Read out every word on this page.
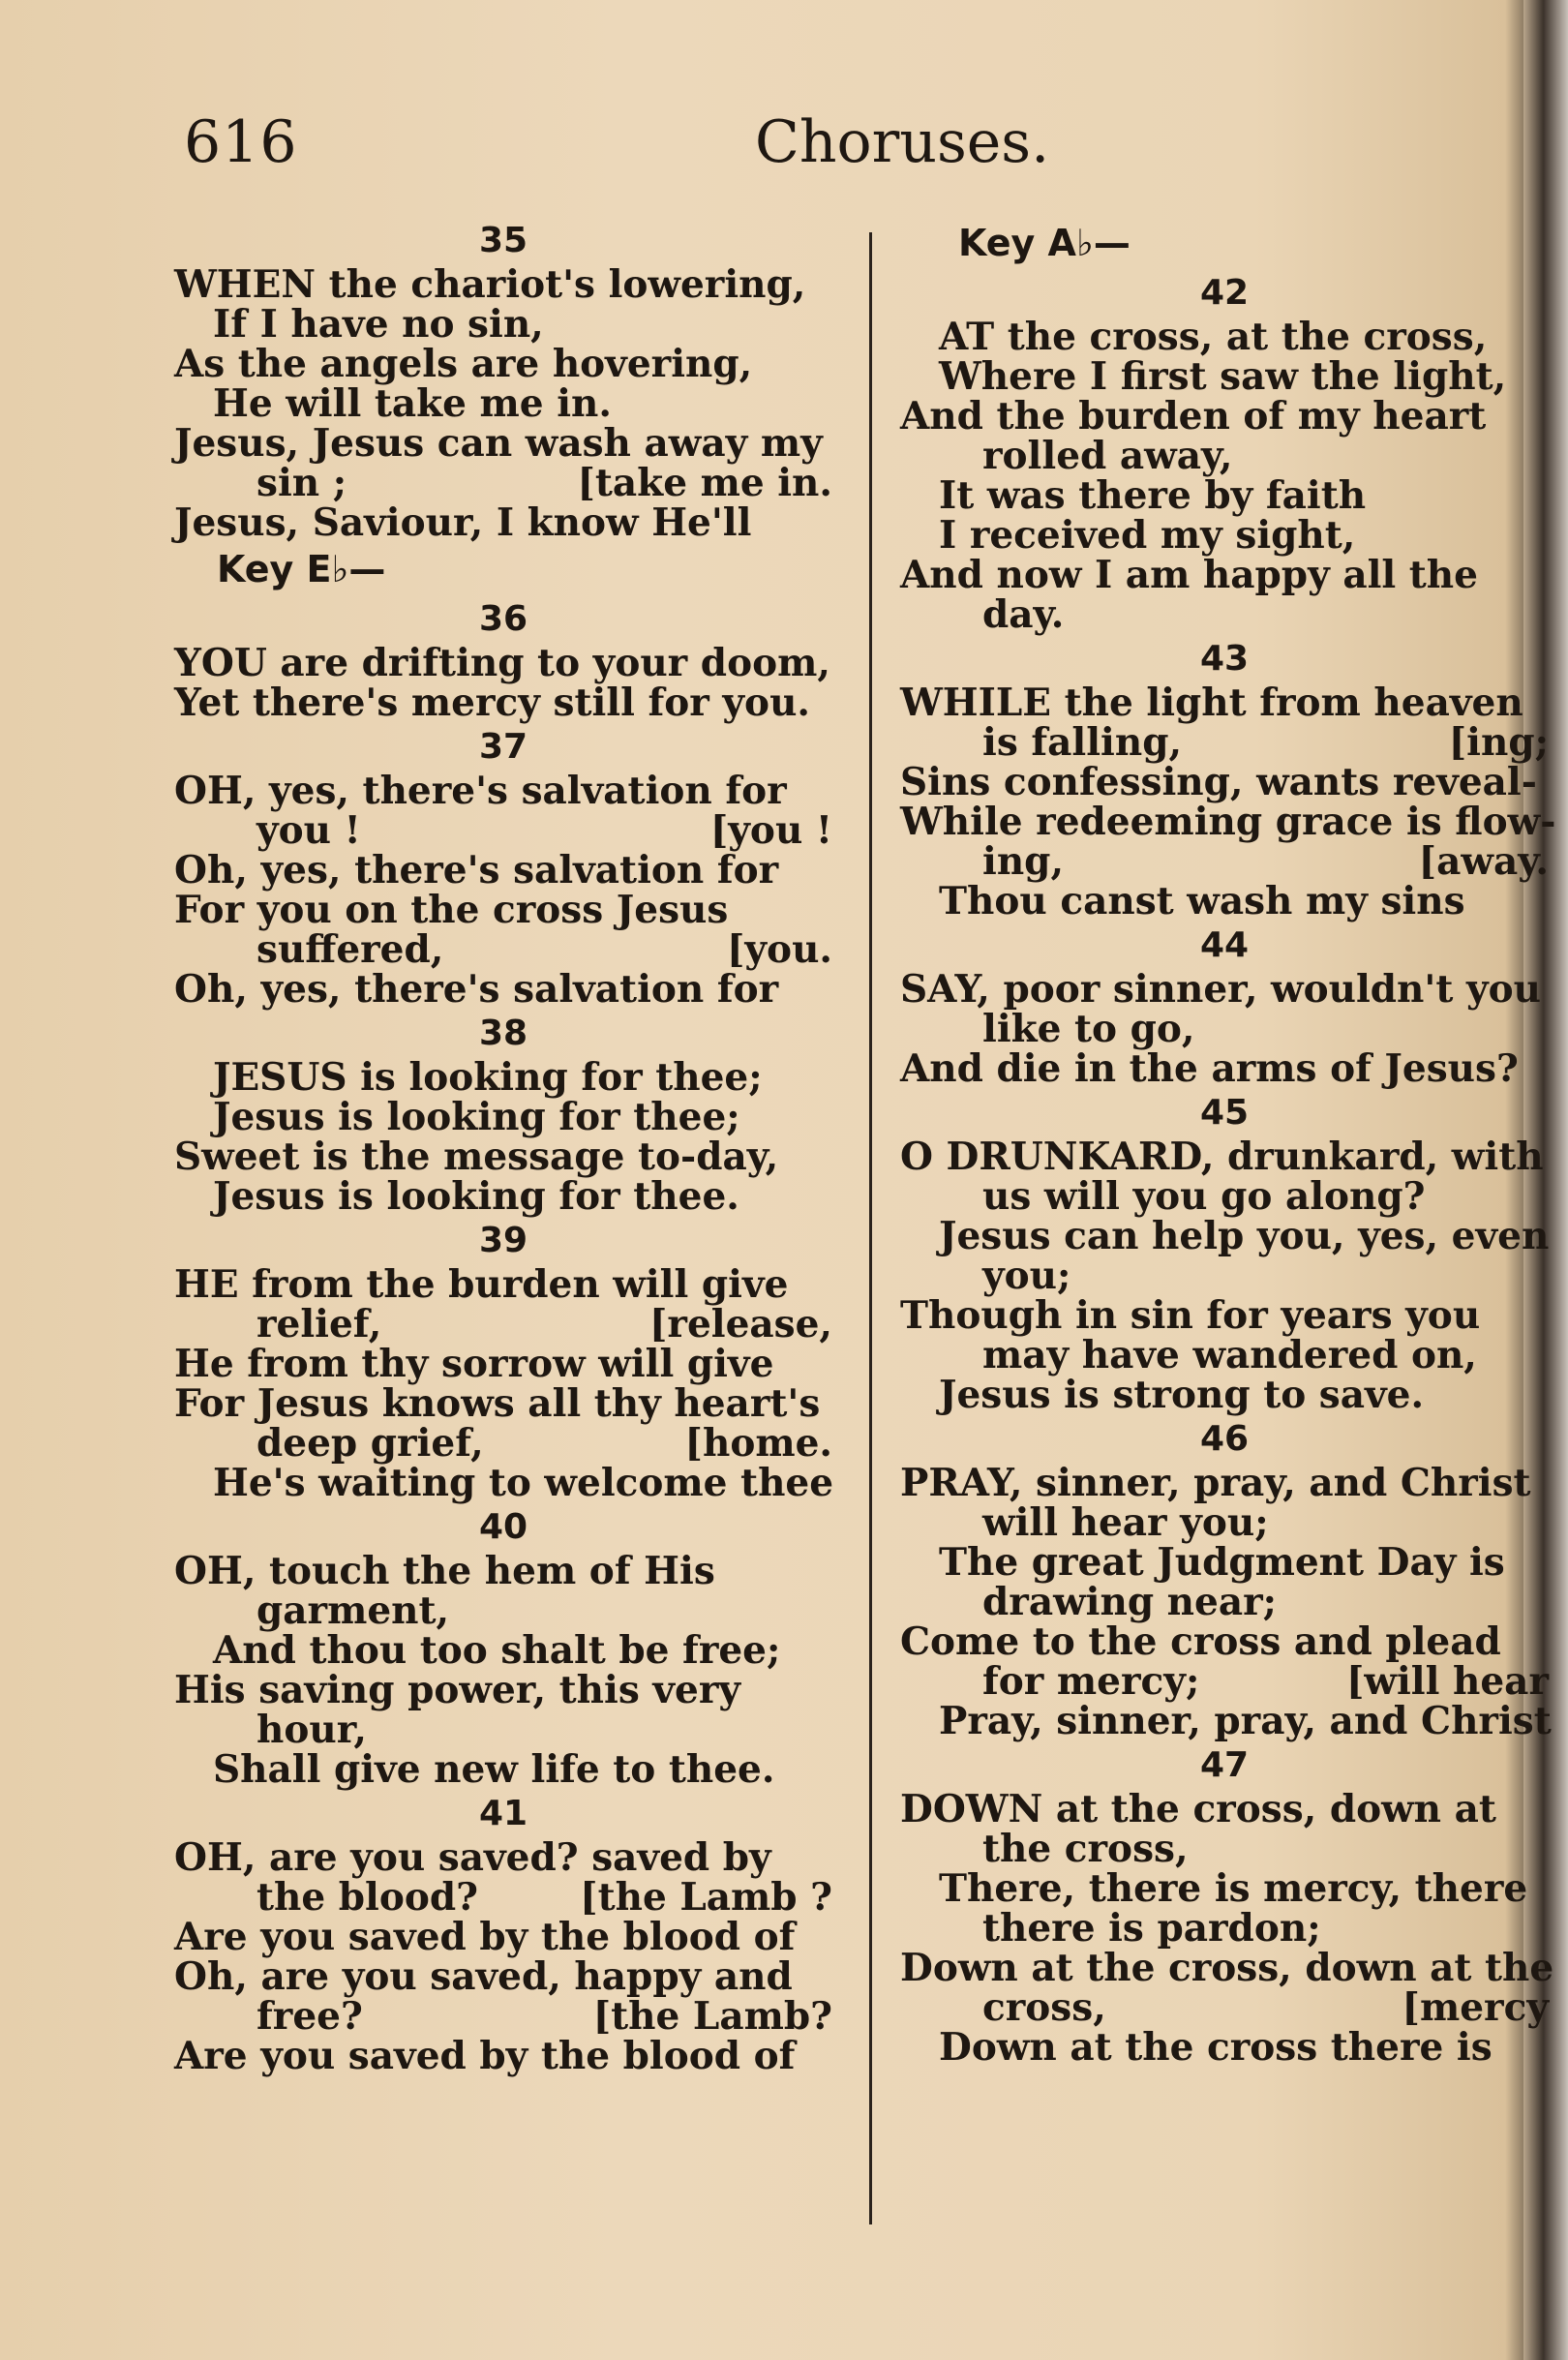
616	Choruses.
35
WHEN the chariot's lowering,
If I have no sin,
As the angels are hovering,
He will take me in.
Jesus, Jesus can wash away my
sin ;	[take me in.
Jesus, Saviour, I know He'll
Key E♭—
36
YOU are drifting to your doom,
Yet there's mercy still for you.
37
OH, yes, there's salvation for
you !	[you !
Oh, yes, there's salvation for
For you on the cross Jesus
suffered,	[you.
Oh, yes, there's salvation for
38
JESUS is looking for thee;
Jesus is looking for thee;
Sweet is the message to-day,
Jesus is looking for thee.
39
HE from the burden will give
relief,	[release,
He from thy sorrow will give
For Jesus knows all thy heart's
deep grief,	[home.
He's waiting to welcome thee
40
OH, touch the hem of His
garment,
And thou too shalt be free;
His saving power, this very
hour,
Shall give new life to thee.
41
OH, are you saved? saved by
the blood?	[the Lamb ?
Are you saved by the blood of
Oh, are you saved, happy and
free?	[the Lamb?
Are you saved by the blood of
Key A♭—
42
AT the cross, at the cross,
Where I first saw the light,
And the burden of my heart
rolled away,
It was there by faith
I received my sight,
And now I am happy all the
day.
43
WHILE the light from heaven
is falling,	[ing;
Sins confessing, wants reveal-
While redeeming grace is flow-
ing,	[away.
Thou canst wash my sins
44
SAY, poor sinner, wouldn't you
like to go,
And die in the arms of Jesus?
45
O DRUNKARD, drunkard, with
us will you go along?
Jesus can help you, yes, even
you;
Though in sin for years you
may have wandered on,
Jesus is strong to save.
46
PRAY, sinner, pray, and Christ
will hear you;
The great Judgment Day is
drawing near;
Come to the cross and plead
for mercy;	[will hear
Pray, sinner, pray, and Christ
47
DOWN at the cross, down at
the cross,
There, there is mercy, there
there is pardon;
Down at the cross, down at the
cross,	[mercy
Down at the cross there is
